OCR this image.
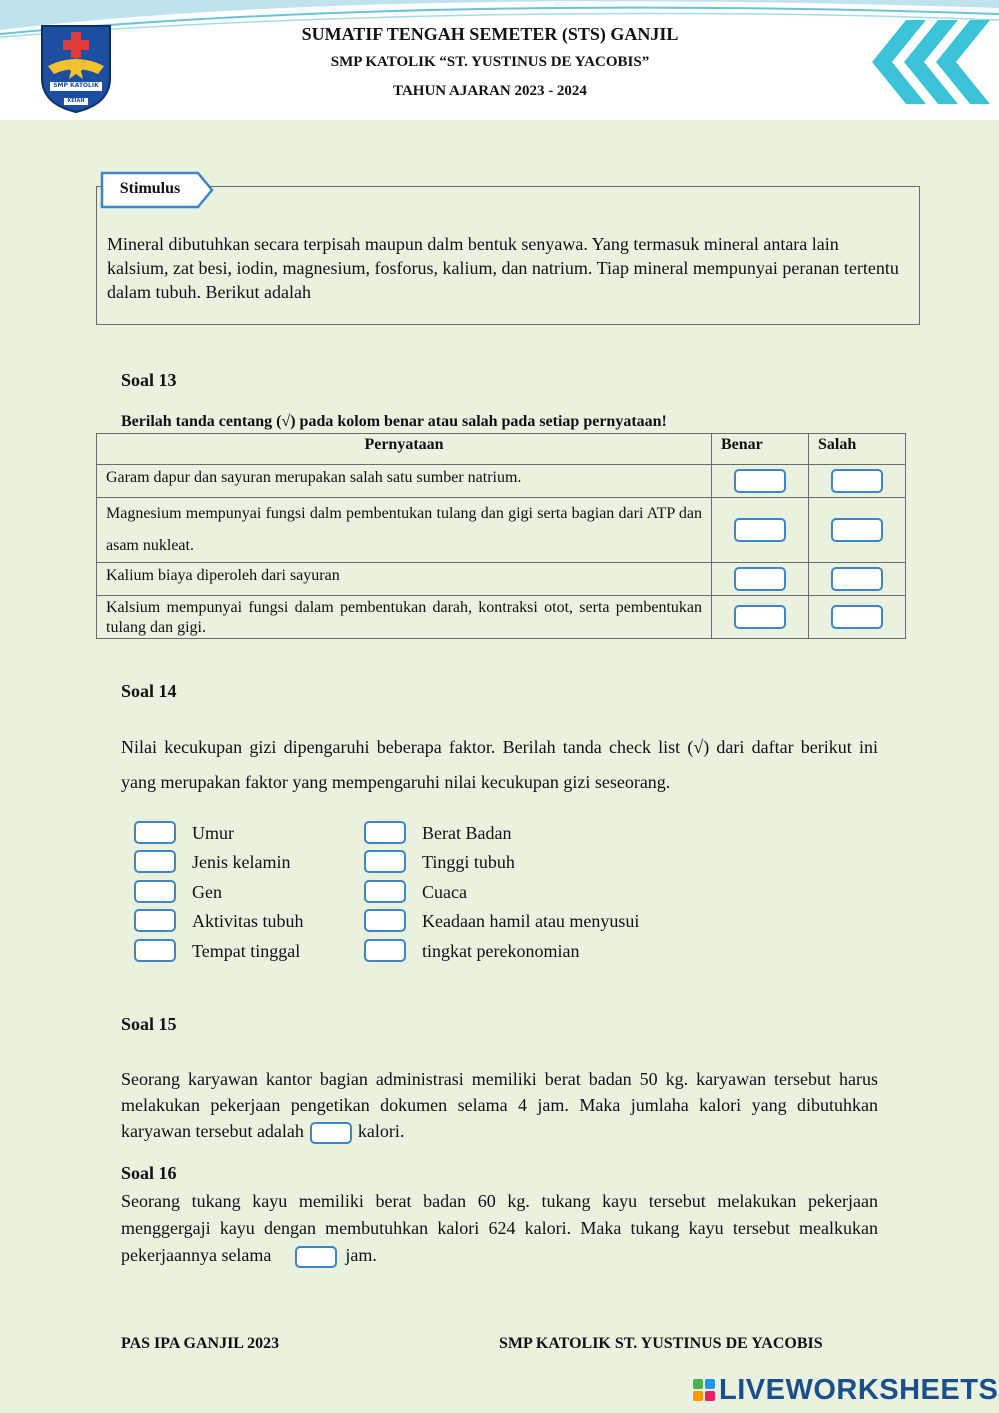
SMP KATOLIK
KEIAN
SUMATIF TENGAH SEMETER (STS) GANJIL
SMP KATOLIK “ST. YUSTINUS DE YACOBIS”
TAHUN AJARAN 2023 - 2024
Stimulus
Mineral dibutuhkan secara terpisah maupun dalm bentuk senyawa. Yang termasuk mineral antara lain kalsium, zat besi, iodin, magnesium, fosforus, kalium, dan natrium. Tiap mineral mempunyai peranan tertentu dalam tubuh. Berikut adalah
Soal 13
Berilah tanda centang (√) pada kolom benar atau salah pada setiap pernyataan!
Pernyataan	Benar	Salah
Garam dapur dan sayuran merupakan salah satu sumber natrium.		
Magnesium mempunyai fungsi dalm pembentukan tulang dan gigi serta bagian dari ATP dan asam nukleat.		
Kalium biaya diperoleh dari sayuran		
Kalsium mempunyai fungsi dalam pembentukan darah, kontraksi otot, serta pembentukan tulang dan gigi.		
Soal 14
Nilai kecukupan gizi dipengaruhi beberapa faktor. Berilah tanda check list (√) dari daftar berikut ini yang merupakan faktor yang mempengaruhi nilai kecukupan gizi seseorang.
Umur
Jenis kelamin
Gen
Aktivitas tubuh
Tempat tinggal
Berat Badan
Tinggi tubuh
Cuaca
Keadaan hamil atau menyusui
tingkat perekonomian
Soal 15
Seorang karyawan kantor bagian administrasi memiliki berat badan 50 kg. karyawan tersebut harus melakukan pekerjaan pengetikan dokumen selama 4 jam. Maka jumlaha kalori yang dibutuhkan karyawan tersebut adalah	kalori.
Soal 16
Seorang tukang kayu memiliki berat badan 60 kg. tukang kayu tersebut melakukan pekerjaan menggergaji kayu dengan membutuhkan kalori 624 kalori. Maka tukang kayu tersebut mealkukan pekerjaannya selama	jam.
PAS IPA GANJIL 2023	SMP KATOLIK ST. YUSTINUS DE YACOBIS
LIVEWORKSHEETS
